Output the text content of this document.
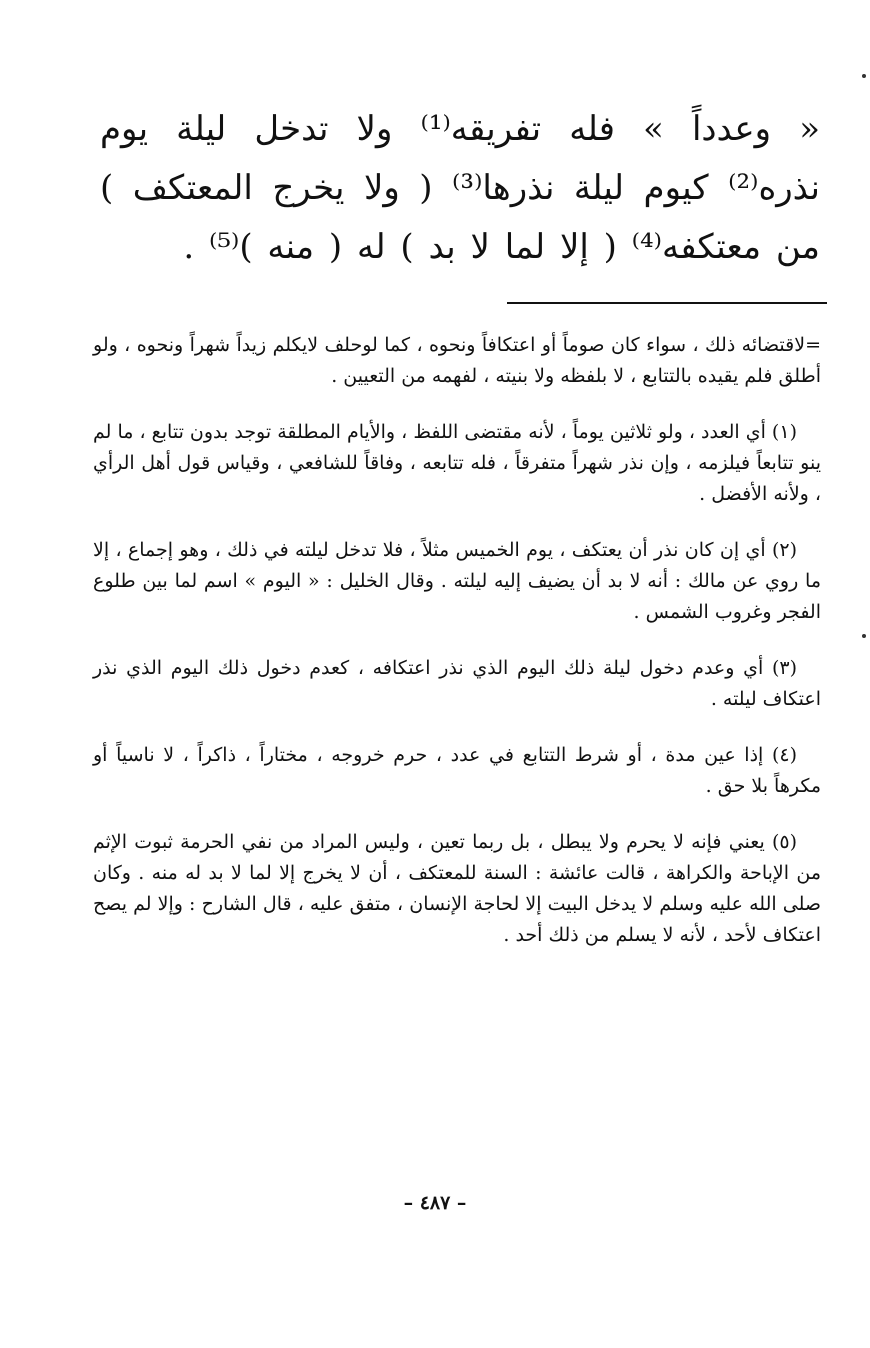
« وعدداً » فله تفريقه⁽¹⁾ ولا تدخل ليلة يوم نذره⁽²⁾ كيوم ليلة نذرها⁽³⁾ ( ولا يخرج المعتكف ) من معتكفه⁽⁴⁾ ( إلا لما لا بد ) له ( منه )⁽⁵⁾ .

=لاقتضائه ذلك ، سواء كان صوماً أو اعتكافاً ونحوه ، كما لوحلف لايكلم زيداً شهراً ونحوه ، ولو أطلق فلم يقيده بالتتابع ، لا بلفظه ولا بنيته ، لفهمه من التعيين .

(١) أي العدد ، ولو ثلاثين يوماً ، لأنه مقتضى اللفظ ، والأيام المطلقة توجد بدون تتابع ، ما لم ينو تتابعاً فيلزمه ، وإن نذر شهراً متفرقاً ، فله تتابعه ، وفاقاً للشافعي ، وقياس قول أهل الرأي ، ولأنه الأفضل .

(٢) أي إن كان نذر أن يعتكف ، يوم الخميس مثلاً ، فلا تدخل ليلته في ذلك ، وهو إجماع ، إلا ما روي عن مالك : أنه لا بد أن يضيف إليه ليلته . وقال الخليل : « اليوم » اسم لما بين طلوع الفجر وغروب الشمس .

(٣) أي وعدم دخول ليلة ذلك اليوم الذي نذر اعتكافه ، كعدم دخول ذلك اليوم الذي نذر اعتكاف ليلته .

(٤) إذا عين مدة ، أو شرط التتابع في عدد ، حرم خروجه ، مختاراً ، ذاكراً ، لا ناسياً أو مكرهاً بلا حق .

(٥) يعني فإنه لا يحرم ولا يبطل ، بل ربما تعين ، وليس المراد من نفي الحرمة ثبوت الإثم من الإباحة والكراهة ، قالت عائشة : السنة للمعتكف ، أن لا يخرج إلا لما لا بد له منه . وكان صلى الله عليه وسلم لا يدخل البيت إلا لحاجة الإنسان ، متفق عليه ، قال الشارح : وإلا لم يصح اعتكاف لأحد ، لأنه لا يسلم من ذلك أحد .

– ٤٨٧ –
